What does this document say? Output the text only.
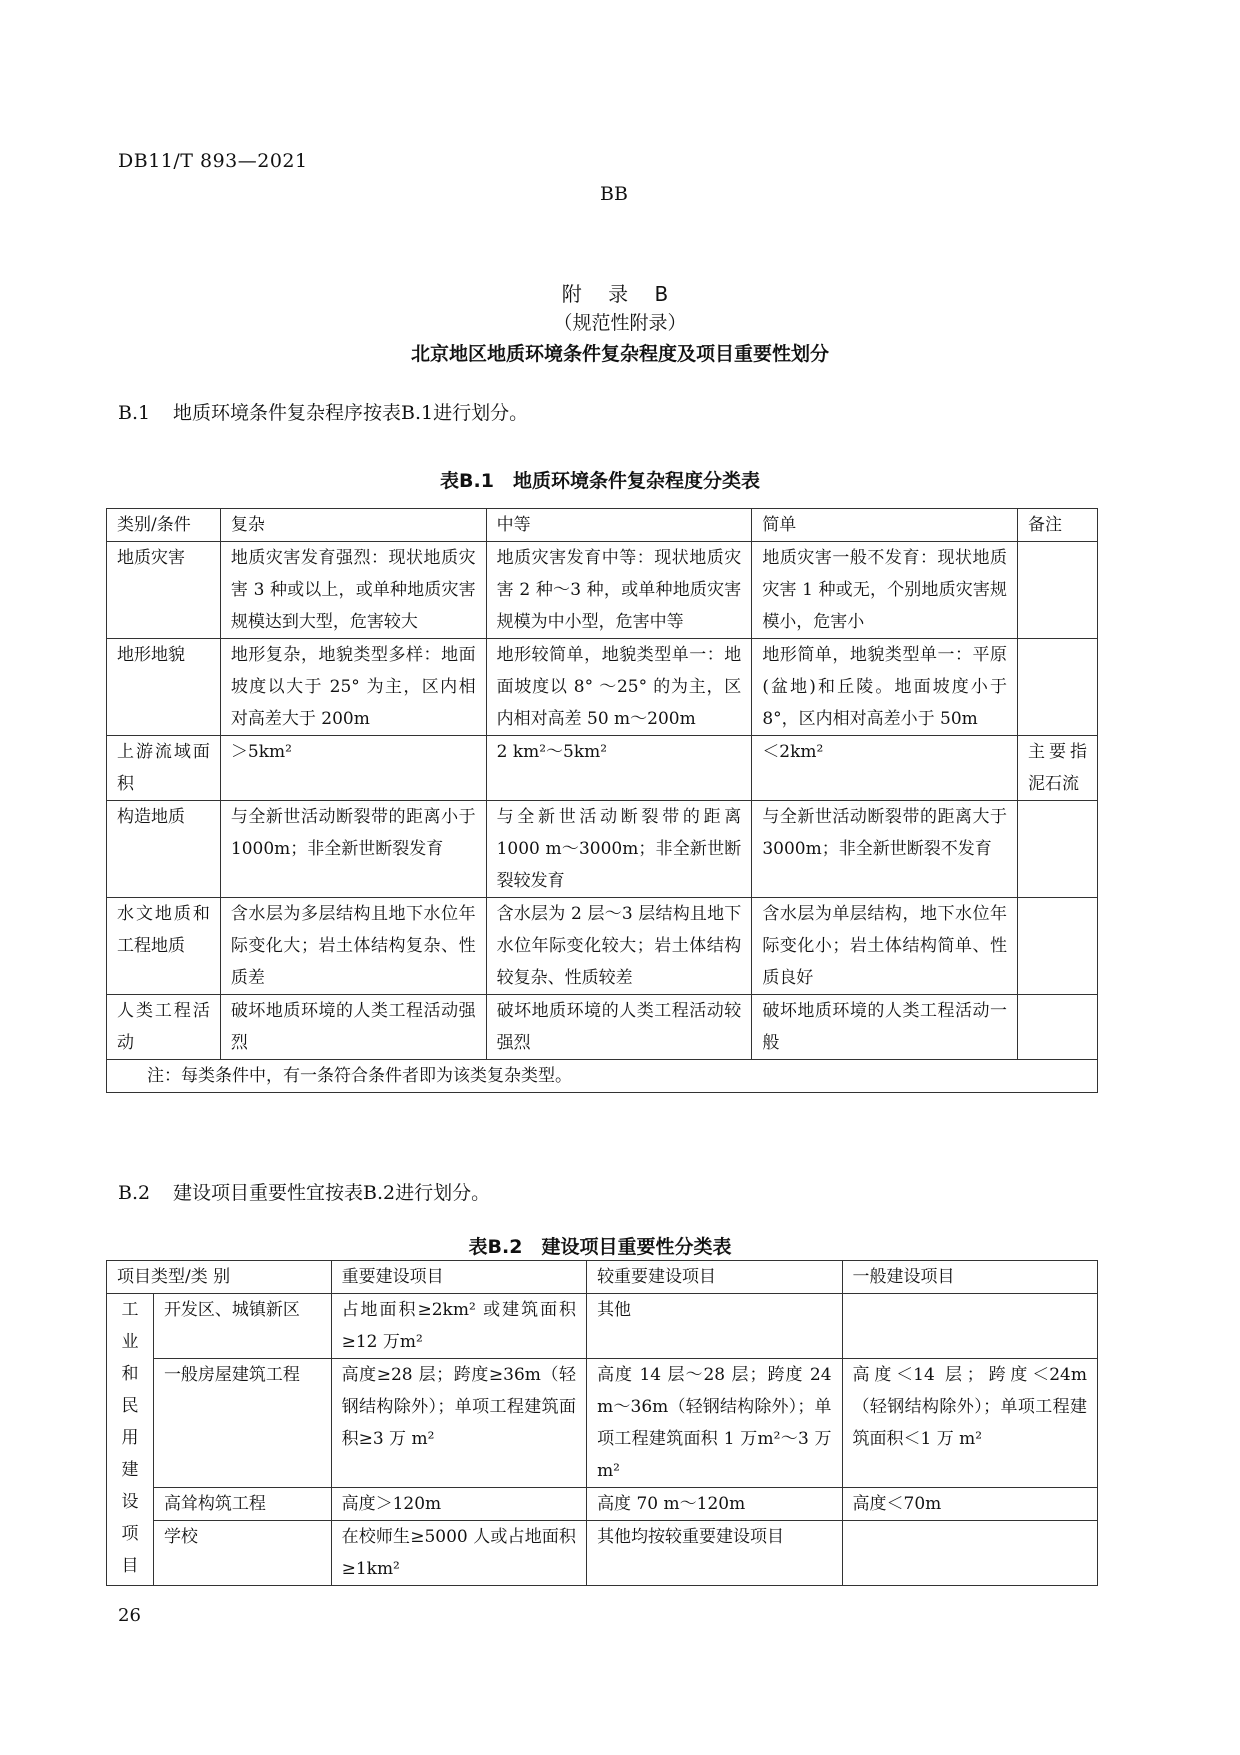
DB11/T 893—2021
BB
附 录 B
（规范性附录）
北京地区地质环境条件复杂程度及项目重要性划分
B.1 地质环境条件复杂程序按表B.1进行划分。
表B.1　地质环境条件复杂程度分类表
类别/条件	复杂	中等	简单	备注
地质灾害	地质灾害发育强烈：现状地质灾害 3 种或以上，或单种地质灾害规模达到大型，危害较大	地质灾害发育中等：现状地质灾害 2 种～3 种，或单种地质灾害规模为中小型，危害中等	地质灾害一般不发育：现状地质灾害 1 种或无，个别地质灾害规模小，危害小	
地形地貌	地形复杂，地貌类型多样：地面坡度以大于 25° 为主，区内相对高差大于 200m	地形较简单，地貌类型单一：地面坡度以 8° ～25° 的为主，区内相对高差 50 m～200m	地形简单，地貌类型单一：平原(盆地)和丘陵。地面坡度小于 8°，区内相对高差小于 50m	
上游流域面积	＞5km²	2 km²～5km²	＜2km²	主要指泥石流
构造地质	与全新世活动断裂带的距离小于 1000m；非全新世断裂发育	与全新世活动断裂带的距离 1000 m～3000m；非全新世断裂较发育	与全新世活动断裂带的距离大于 3000m；非全新世断裂不发育	
水文地质和工程地质	含水层为多层结构且地下水位年际变化大；岩土体结构复杂、性质差	含水层为 2 层～3 层结构且地下水位年际变化较大；岩土体结构较复杂、性质较差	含水层为单层结构，地下水位年际变化小；岩土体结构简单、性质良好	
人类工程活动	破坏地质环境的人类工程活动强烈	破坏地质环境的人类工程活动较强烈	破坏地质环境的人类工程活动一般	
注：每类条件中，有一条符合条件者即为该类复杂类型。				
B.2 建设项目重要性宜按表B.2进行划分。
表B.2　建设项目重要性分类表
项目类型/类 别		重要建设项目	较重要建设项目	一般建设项目
工业和民用建设项目	开发区、城镇新区	占地面积≥2km² 或建筑面积≥12 万m²	其他	
	一般房屋建筑工程	高度≥28 层；跨度≥36m（轻钢结构除外）；单项工程建筑面积≥3 万 m²	高度 14 层～28 层；跨度 24 m～36m（轻钢结构除外）；单项工程建筑面积 1 万m²～3 万m²	高度＜14 层；跨度＜24m（轻钢结构除外）；单项工程建筑面积＜1 万 m²
	高耸构筑工程	高度＞120m	高度 70 m～120m	高度＜70m
	学校	在校师生≥5000 人或占地面积≥1km²	其他均按较重要建设项目	
26
